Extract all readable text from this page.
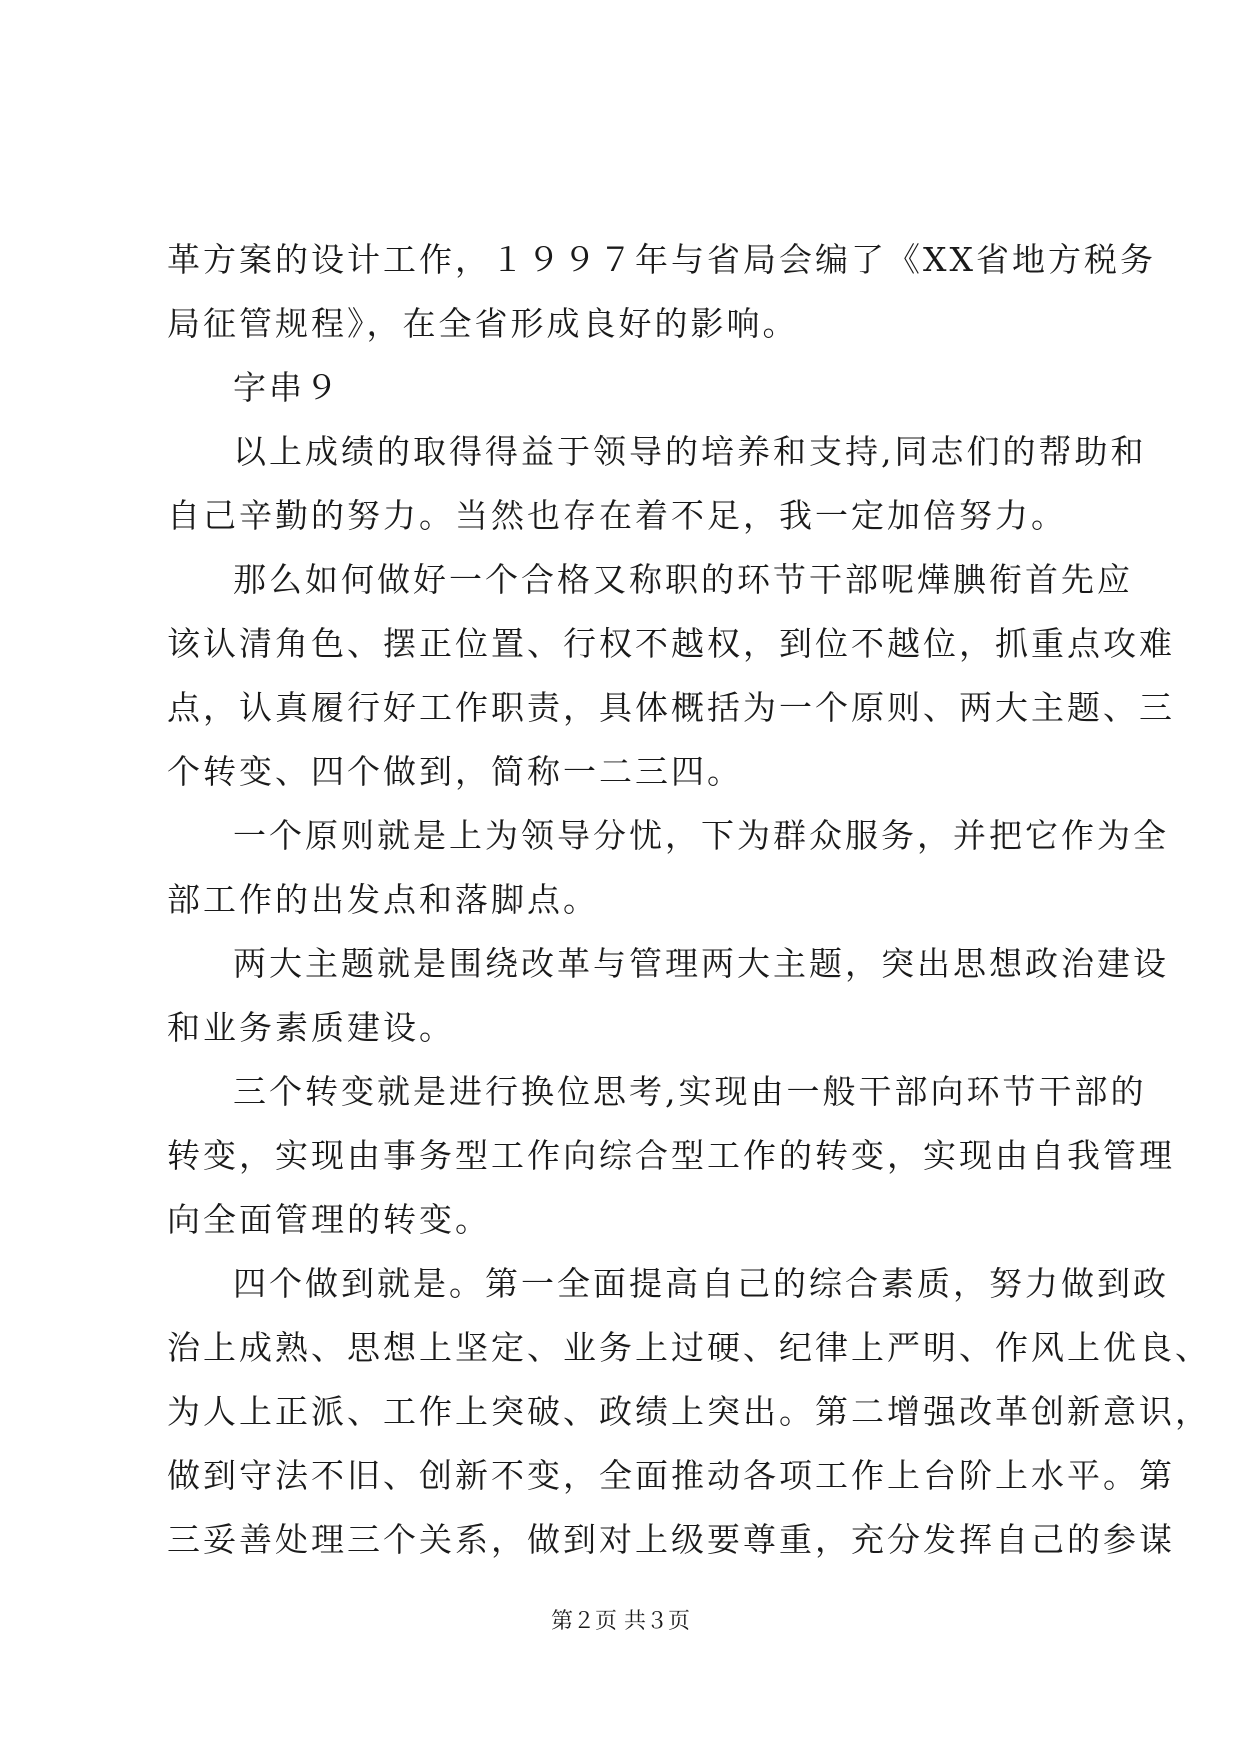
革方案的设计工作，１９９７年与省局会编了《XX省地方税务
局征管规程》，在全省形成良好的影响。
字串９
以上成绩的取得得益于领导的培养和支持,同志们的帮助和
自己辛勤的努力。当然也存在着不足，我一定加倍努力。
那么如何做好一个合格又称职的环节干部呢燁腆衔首先应
该认清角色、摆正位置、行权不越权，到位不越位，抓重点攻难
点，认真履行好工作职责，具体概括为一个原则、两大主题、三
个转变、四个做到，简称一二三四。
一个原则就是上为领导分忧，下为群众服务，并把它作为全
部工作的出发点和落脚点。
两大主题就是围绕改革与管理两大主题，突出思想政治建设
和业务素质建设。
三个转变就是进行换位思考,实现由一般干部向环节干部的
转变，实现由事务型工作向综合型工作的转变，实现由自我管理
向全面管理的转变。
四个做到就是。第一全面提高自己的综合素质，努力做到政
治上成熟、思想上坚定、业务上过硬、纪律上严明、作风上优良、
为人上正派、工作上突破、政绩上突出。第二增强改革创新意识，
做到守法不旧、创新不变，全面推动各项工作上台阶上水平。第
三妥善处理三个关系，做到对上级要尊重，充分发挥自己的参谋
第２页 共３页
